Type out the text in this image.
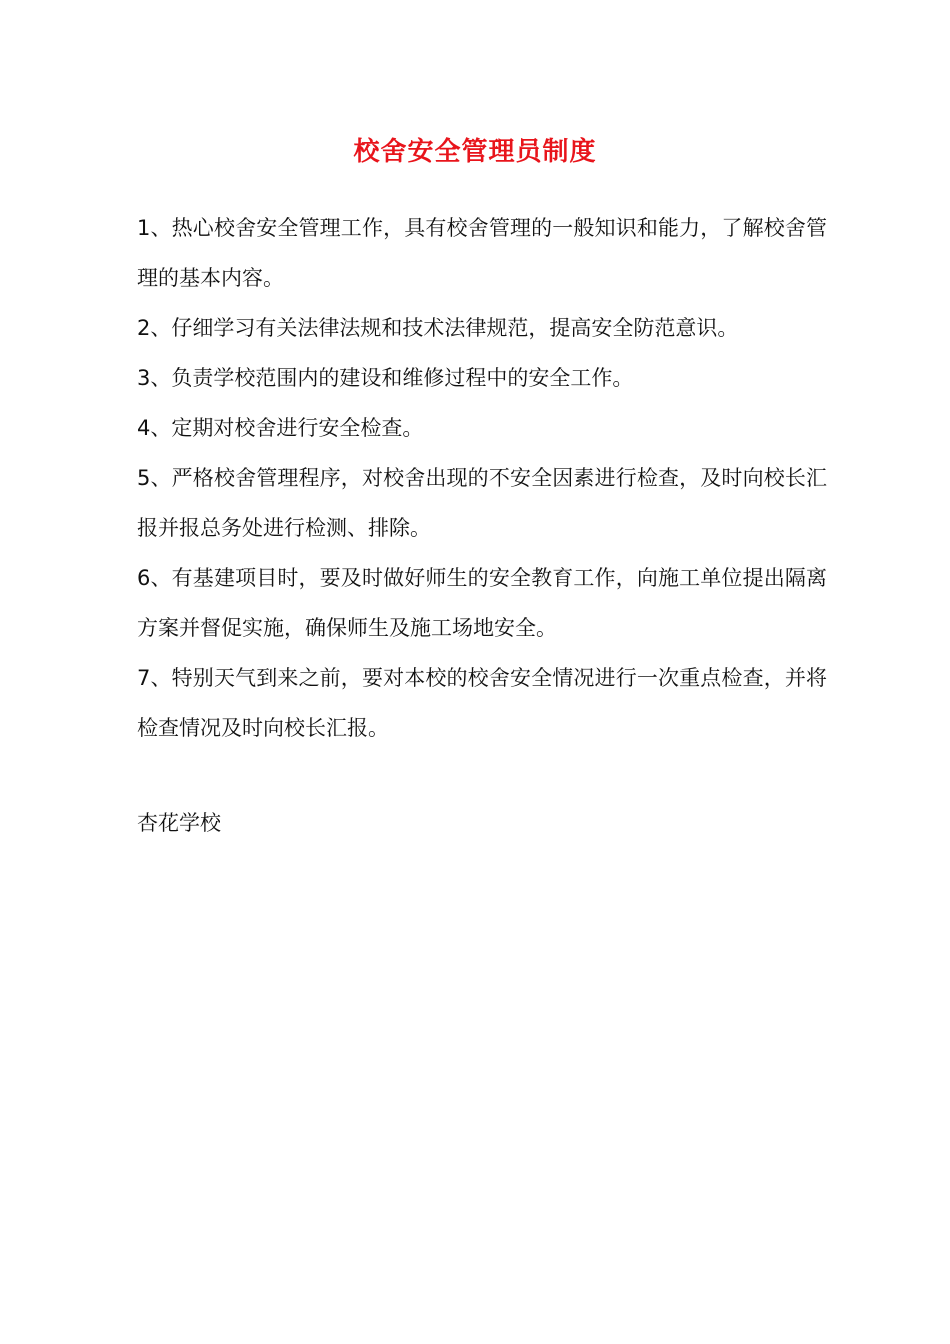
校舍安全管理员制度

1、热心校舍安全管理工作，具有校舍管理的一般知识和能力，了解校舍管理的基本内容。

2、仔细学习有关法律法规和技术法律规范，提高安全防范意识。

3、负责学校范围内的建设和维修过程中的安全工作。

4、定期对校舍进行安全检查。

5、严格校舍管理程序，对校舍出现的不安全因素进行检查，及时向校长汇报并报总务处进行检测、排除。

6、有基建项目时，要及时做好师生的安全教育工作，向施工单位提出隔离方案并督促实施，确保师生及施工场地安全。

7、特别天气到来之前，要对本校的校舍安全情况进行一次重点检查，并将检查情况及时向校长汇报。

杏花学校
